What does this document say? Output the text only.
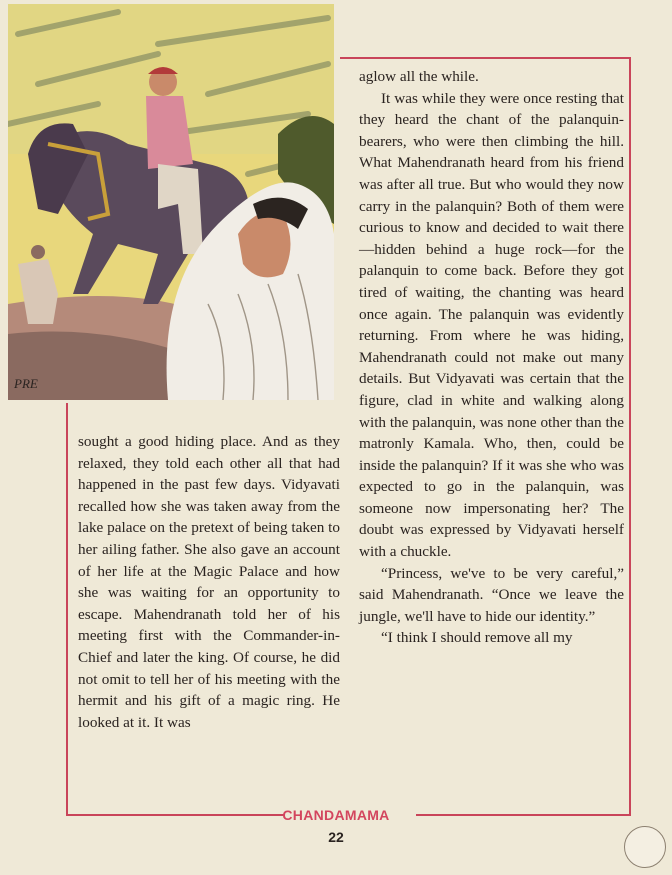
PRE

aglow all the while.

It was while they were once resting that they heard the chant of the palanquin-bearers, who were then climbing the hill. What Mahendranath heard from his friend was after all true. But who would they now carry in the palanquin? Both of them were curious to know and decided to wait there—hidden behind a huge rock—for the palanquin to come back. Before they got tired of waiting, the chanting was heard once again. The palanquin was evidently returning. From where he was hiding, Mahendranath could not make out many details. But Vidyavati was certain that the figure, clad in white and walking along with the palanquin, was none other than the matronly Kamala. Who, then, could be inside the palanquin? If it was she who was expected to go in the palanquin, was someone now impersonating her? The doubt was expressed by Vidyavati herself with a chuckle.

“Princess, we've to be very careful,” said Mahendranath. “Once we leave the jungle, we'll have to hide our identity.”

“I think I should remove all my

sought a good hiding place. And as they relaxed, they told each other all that had happened in the past few days. Vidyavati recalled how she was taken away from the lake palace on the pretext of being taken to her ailing father. She also gave an account of her life at the Magic Palace and how she was waiting for an opportunity to escape. Mahendranath told her of his meeting first with the Commander-in-Chief and later the king. Of course, he did not omit to tell her of his meeting with the hermit and his gift of a magic ring. He looked at it. It was

CHANDAMAMA
22
